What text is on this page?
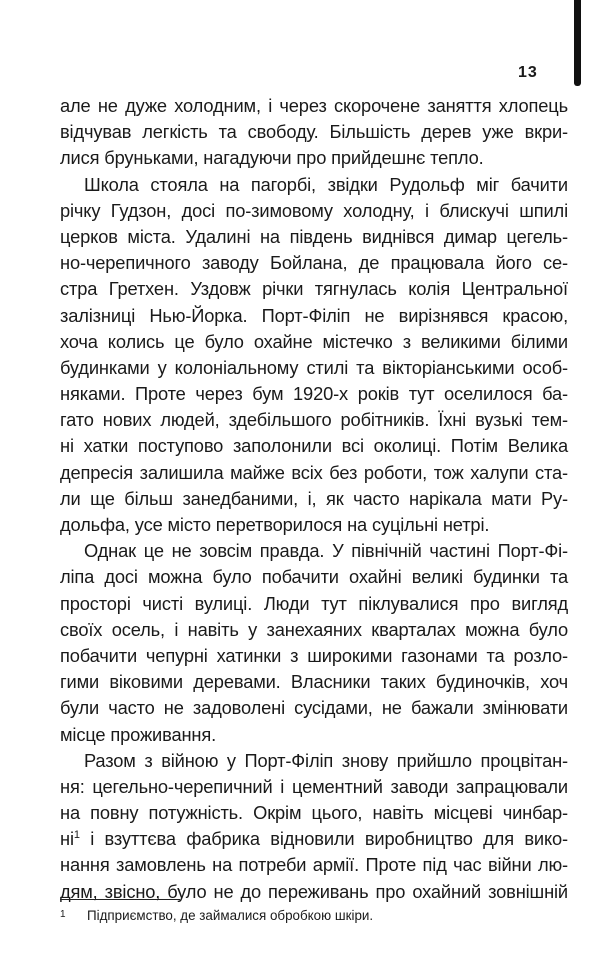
13
але не дуже холодним, і через скорочене заняття хлопець
відчував легкість та свободу. Більшість дерев уже вкри-
лися бруньками, нагадуючи про прийдешнє тепло.
Школа стояла на пагорбі, звідки Рудольф міг бачити
річку Гудзон, досі по-зимовому холодну, і блискучі шпилі
церков міста. Удалині на південь виднівся димар цегель-
но-черепичного заводу Бойлана, де працювала його се-
стра Гретхен. Уздовж річки тягнулась колія Центральної
залізниці Нью-Йорка. Порт-Філіп не вирізнявся красою,
хоча колись це було охайне містечко з великими білими
будинками у колоніальному стилі та вікторіанськими особ-
няками. Проте через бум 1920-х років тут оселилося ба-
гато нових людей, здебільшого робітників. Їхні вузькі тем-
ні хатки поступово заполонили всі околиці. Потім Велика
депресія залишила майже всіх без роботи, тож халупи ста-
ли ще більш занедбаними, і, як часто нарікала мати Ру-
дольфа, усе місто перетворилося на суцільні нетрі.
Однак це не зовсім правда. У північній частині Порт-Фі-
ліпа досі можна було побачити охайні великі будинки та
просторі чисті вулиці. Люди тут піклувалися про вигляд
своїх осель, і навіть у занехаяних кварталах можна було
побачити чепурні хатинки з широкими газонами та розло-
гими віковими деревами. Власники таких будиночків, хоч
були часто не задоволені сусідами, не бажали змінювати
місце проживання.
Разом з війною у Порт-Філіп знову прийшло процвітан-
ня: цегельно-черепичний і цементний заводи запрацювали
на повну потужність. Окрім цього, навіть місцеві чинбар-
$ні^1$ і взуттєва фабрика відновили виробництво для вико-
нання замовлень на потреби армії. Проте під час війни лю-
дям, звісно, було не до переживань про охайний зовнішній
1 Підприємство, де займалися обробкою шкіри.
